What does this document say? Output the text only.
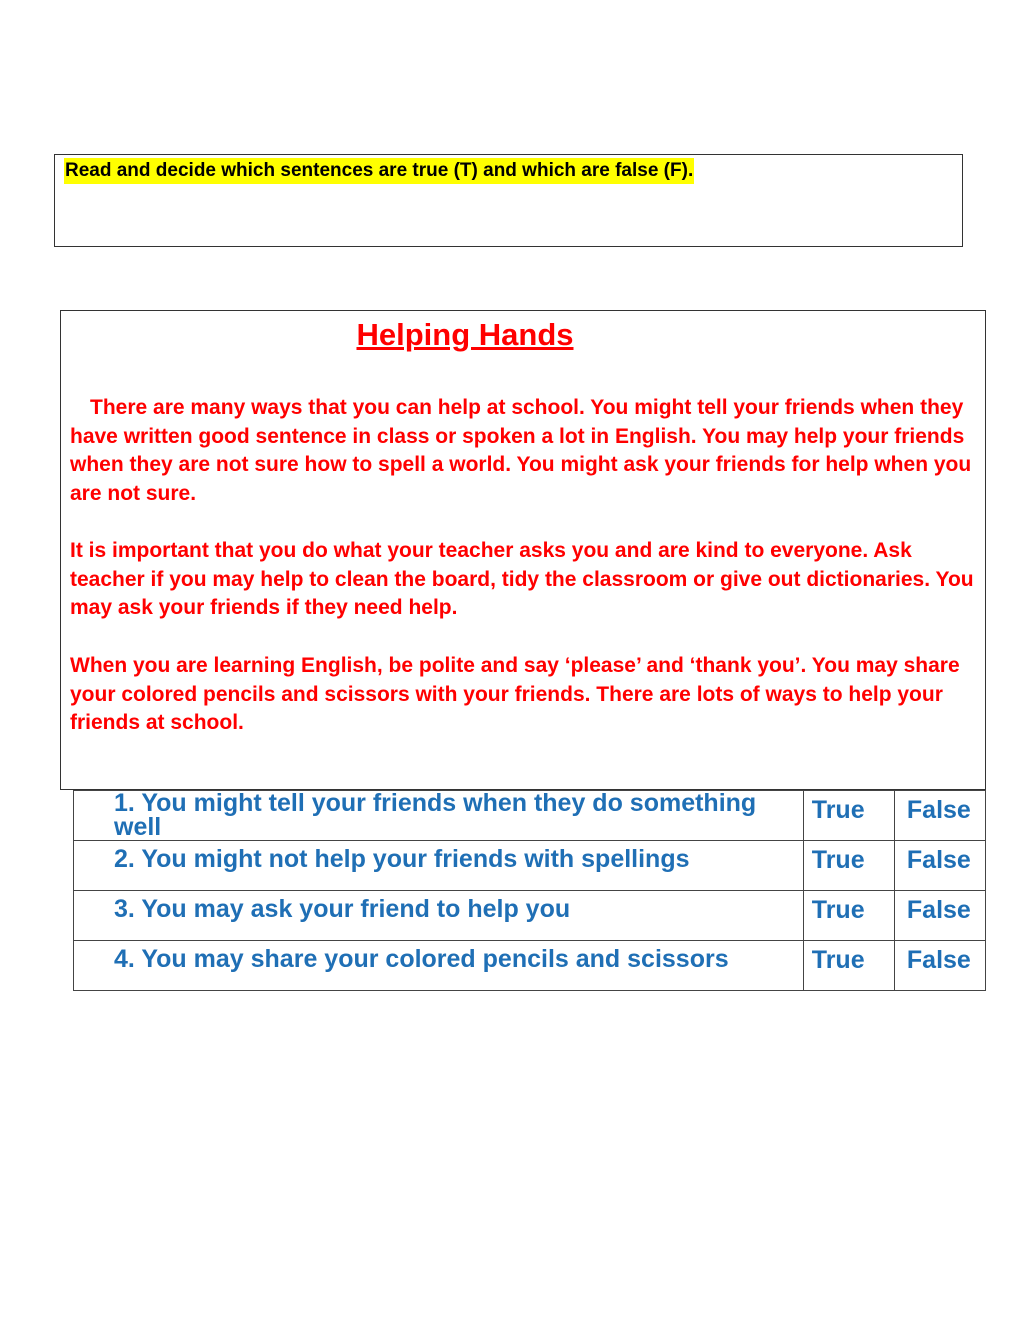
Read and decide which sentences are true (T) and which are false (F).
Helping Hands

There are many ways that you can help at school. You might tell your friends when they have written good sentence in class or spoken a lot in English. You may help your friends when they are not sure how to spell a world. You might ask your friends for help when you are not sure.

It is important that you do what your teacher asks you and are kind to everyone. Ask teacher if you may help to clean the board, tidy the classroom or give out dictionaries. You may ask your friends if they need help.

When you are learning English, be polite and say ‘please’ and ‘thank you’. You may share your colored pencils and scissors with your friends. There are lots of ways to help your friends at school.

1. You might tell your friends when they do something well	True	False

2. You might not help your friends with spellings	True	False

3. You may ask your friend to help you	True	False

4. You may share your colored pencils and scissors	True	False
